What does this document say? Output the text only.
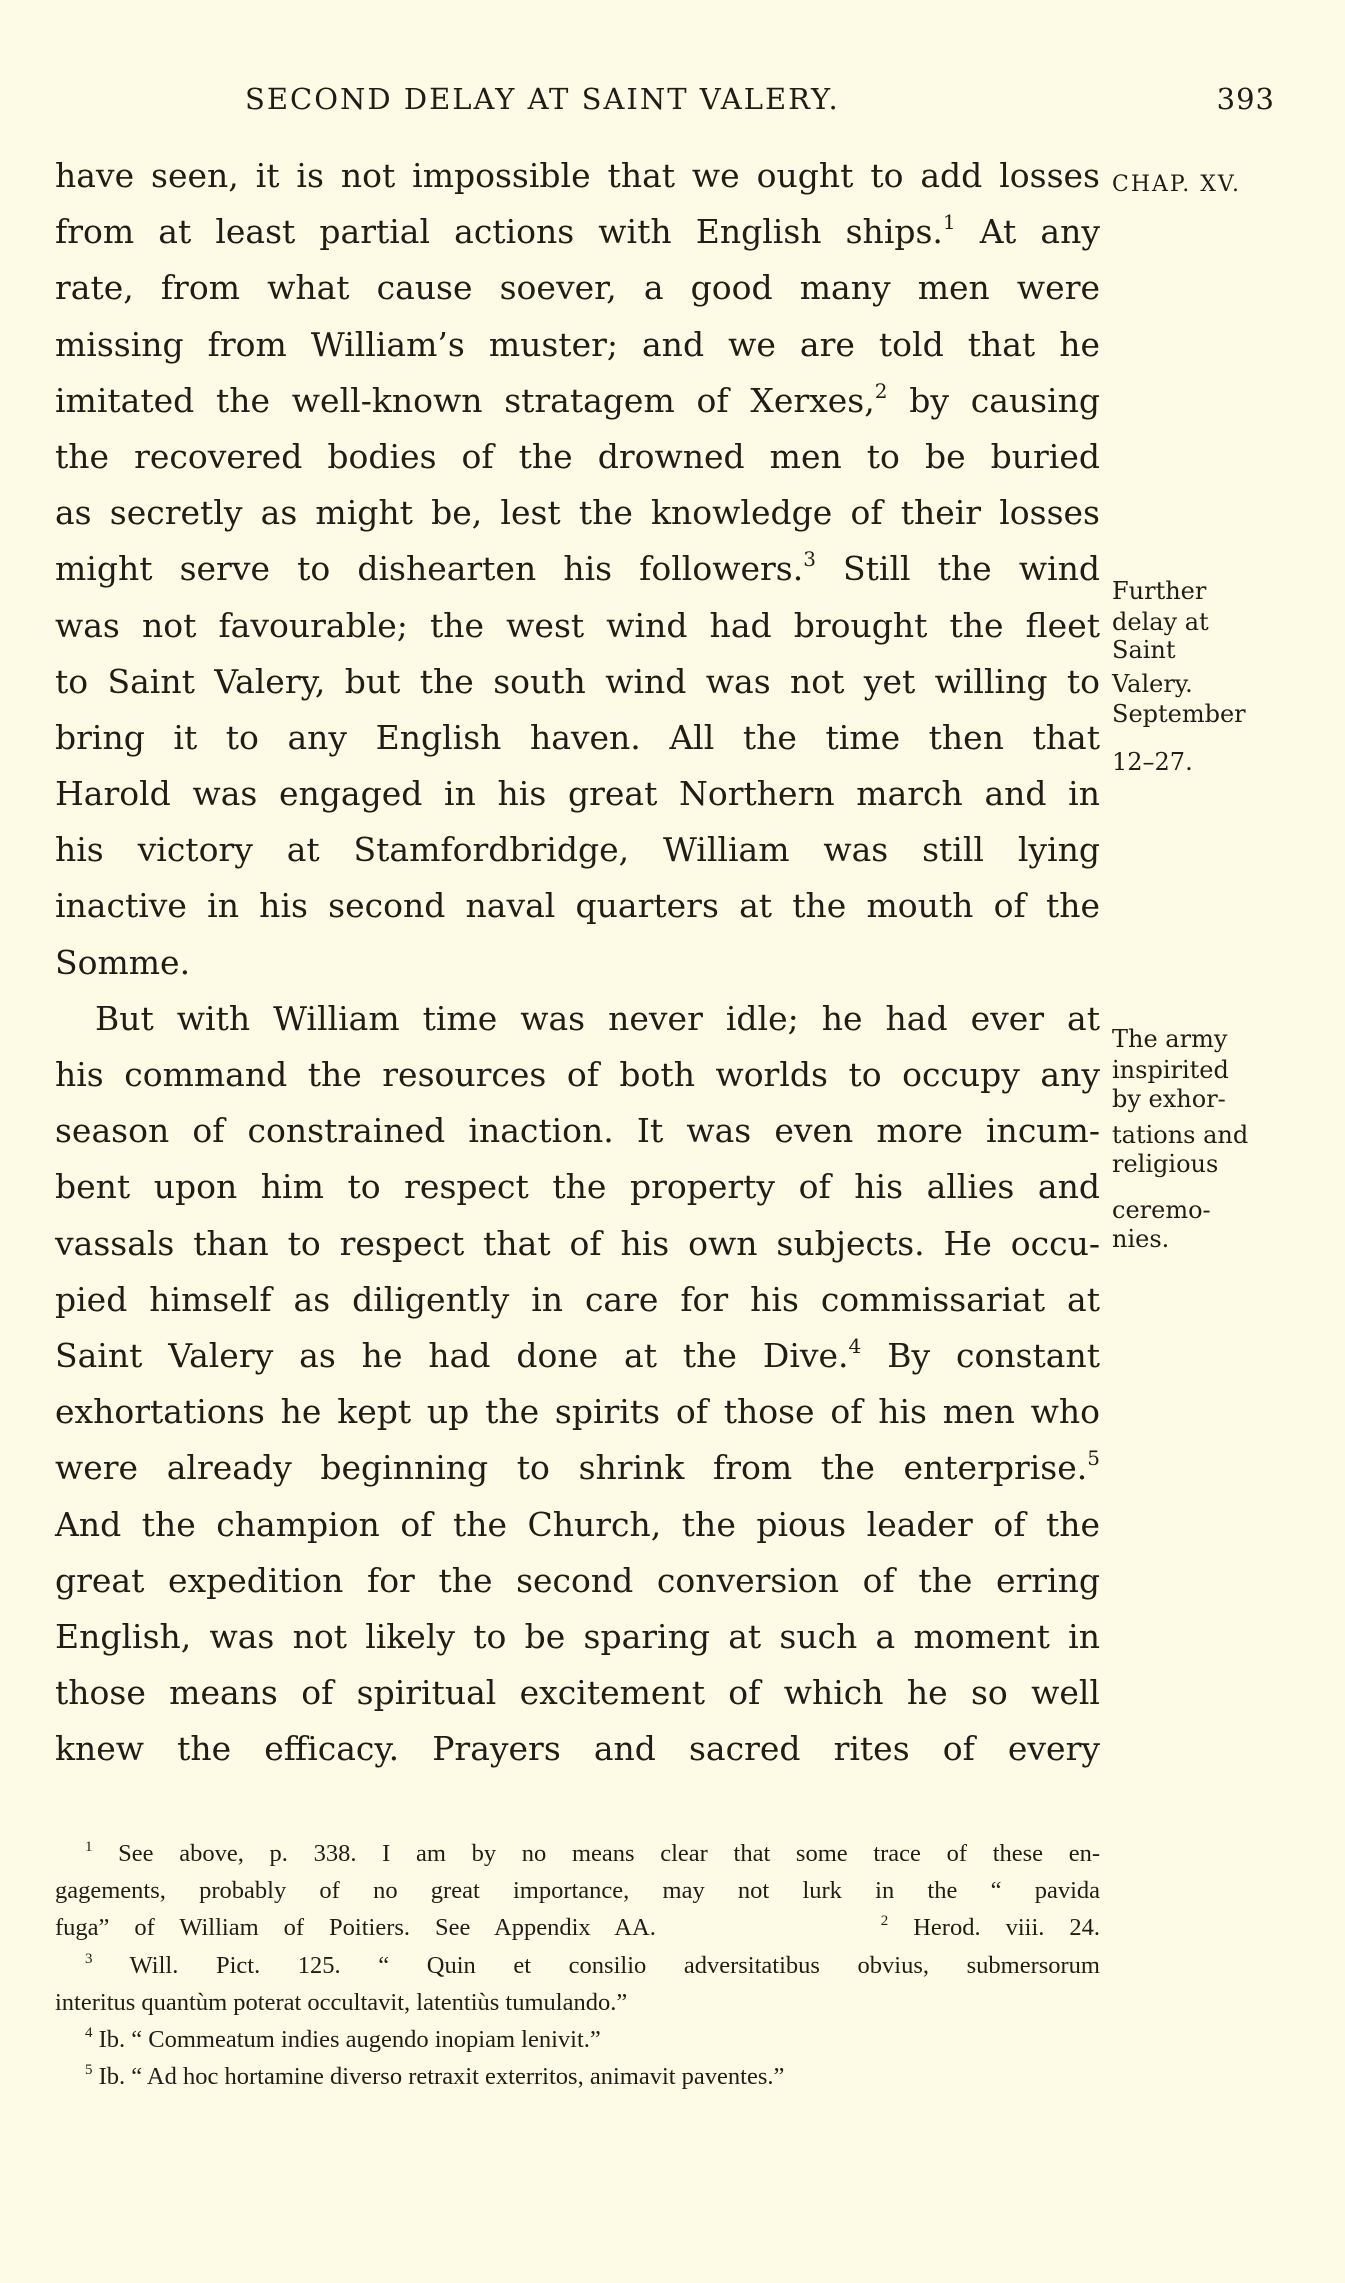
SECOND DELAY AT SAINT VALERY.	393
CHAP. XV.
Further
delay at
Saint
Valery.
September
12–27.
The army
inspirited
by exhor-
tations and
religious
ceremo-
nies.
have seen, it is not impossible that we ought to add losses
from at least partial actions with English ships.$^1$ At any
rate, from what cause soever, a good many men were
missing from William’s muster; and we are told that he
imitated the well-known stratagem of Xerxes,$^2$ by causing
the recovered bodies of the drowned men to be buried
as secretly as might be, lest the knowledge of their losses
might serve to dishearten his followers.$^3$ Still the wind
was not favourable; the west wind had brought the fleet
to Saint Valery, but the south wind was not yet willing to
bring it to any English haven. All the time then that
Harold was engaged in his great Northern march and in
his victory at Stamfordbridge, William was still lying
inactive in his second naval quarters at the mouth of the
Somme.
But with William time was never idle; he had ever at
his command the resources of both worlds to occupy any
season of constrained inaction. It was even more incum-
bent upon him to respect the property of his allies and
vassals than to respect that of his own subjects. He occu-
pied himself as diligently in care for his commissariat at
Saint Valery as he had done at the Dive.$^4$ By constant
exhortations he kept up the spirits of those of his men who
were already beginning to shrink from the enterprise.$^5$
And the champion of the Church, the pious leader of the
great expedition for the second conversion of the erring
English, was not likely to be sparing at such a moment in
those means of spiritual excitement of which he so well
knew the efficacy. Prayers and sacred rites of every
$^1$ See above, p. 338. I am by no means clear that some trace of these en-
gagements, probably of no great importance, may not lurk in the “ pavida
fuga” of William of Poitiers. See Appendix AA.	$^2$ Herod. viii. 24.
$^3$ Will. Pict. 125. “ Quin et consilio adversitatibus obvius, submersorum
interitus quantùm poterat occultavit, latentiùs tumulando.”
$^4$ Ib. “ Commeatum indies augendo inopiam lenivit.”
$^5$ Ib. “ Ad hoc hortamine diverso retraxit exterritos, animavit paventes.”
